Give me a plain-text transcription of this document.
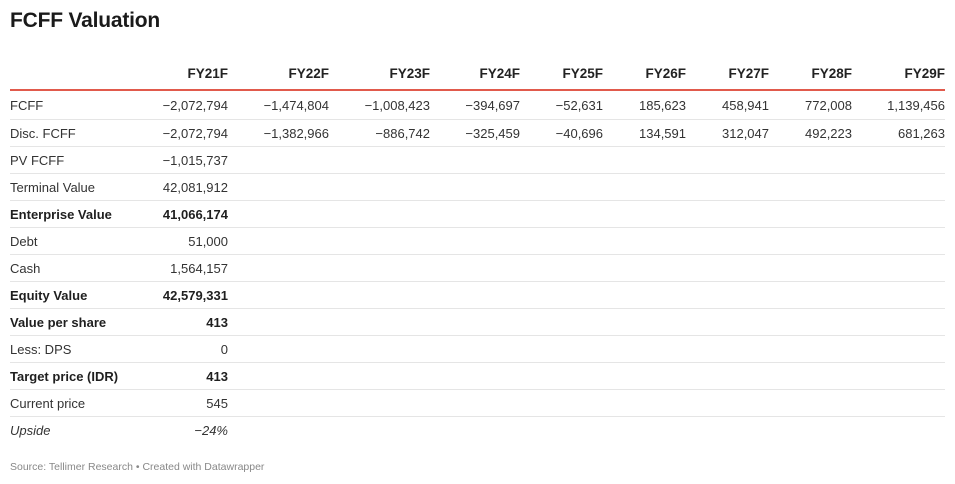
FCFF Valuation
	FY21F	FY22F	FY23F	FY24F	FY25F	FY26F	FY27F	FY28F	FY29F
FCFF	−2,072,794	−1,474,804	−1,008,423	−394,697	−52,631	185,623	458,941	772,008	1,139,456
Disc. FCFF	−2,072,794	−1,382,966	−886,742	−325,459	−40,696	134,591	312,047	492,223	681,263
PV FCFF	−1,015,737								
Terminal Value	42,081,912								
Enterprise Value	41,066,174								
Debt	51,000								
Cash	1,564,157								
Equity Value	42,579,331								
Value per share	413								
Less: DPS	0								
Target price (IDR)	413								
Current price	545								
Upside	−24%								
Source: Tellimer Research • Created with Datawrapper
